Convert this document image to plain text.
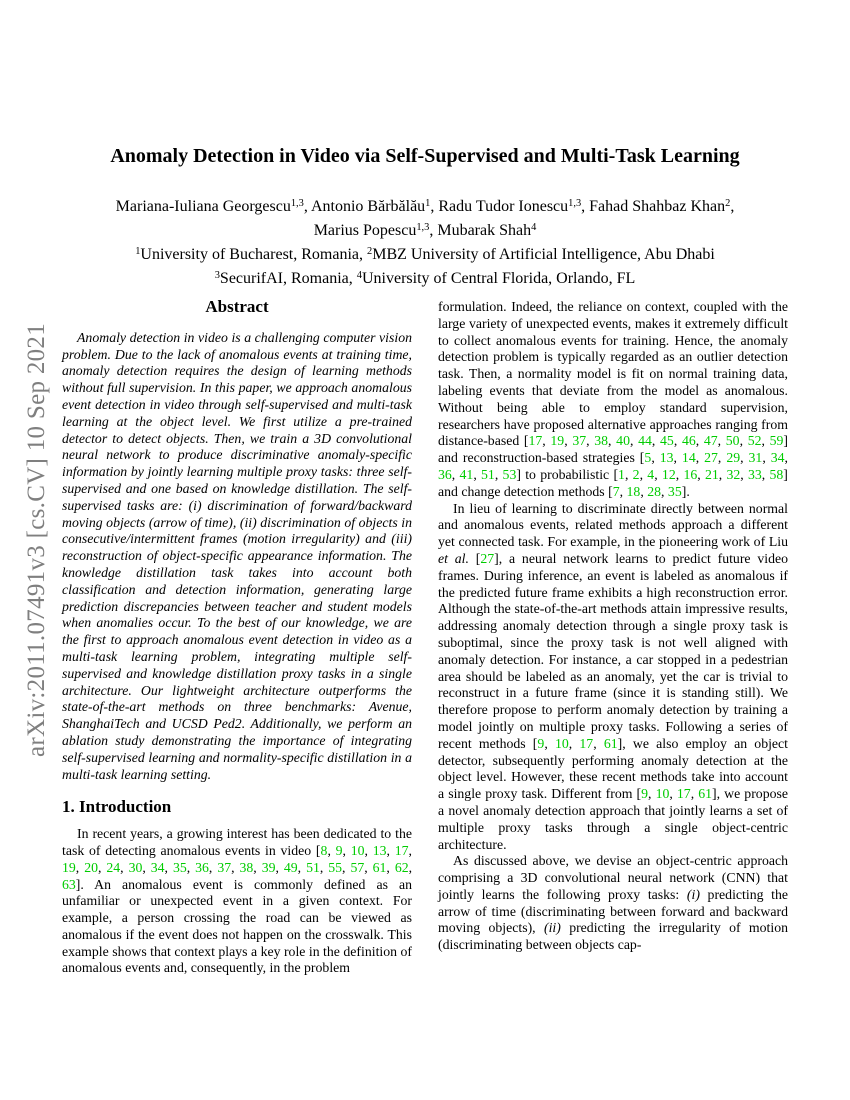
arXiv:2011.07491v3 [cs.CV] 10 Sep 2021
Anomaly Detection in Video via Self-Supervised and Multi-Task Learning
Mariana-Iuliana Georgescu$^{1,3}$, Antonio Bărbălău$^1$, Radu Tudor Ionescu$^{1,3}$, Fahad Shahbaz Khan$^2$,
Marius Popescu$^{1,3}$, Mubarak Shah$^4$
$^1$University of Bucharest, Romania, $^2$MBZ University of Artificial Intelligence, Abu Dhabi
$^3$SecurifAI, Romania, $^4$University of Central Florida, Orlando, FL
Abstract

Anomaly detection in video is a challenging computer vision problem. Due to the lack of anomalous events at training time, anomaly detection requires the design of learning methods without full supervision. In this paper, we approach anomalous event detection in video through self-supervised and multi-task learning at the object level. We first utilize a pre-trained detector to detect objects. Then, we train a 3D convolutional neural network to produce discriminative anomaly-specific information by jointly learning multiple proxy tasks: three self-supervised and one based on knowledge distillation. The self-supervised tasks are: (i) discrimination of forward/backward moving objects (arrow of time), (ii) discrimination of objects in consecutive/intermittent frames (motion irregularity) and (iii) reconstruction of object-specific appearance information. The knowledge distillation task takes into account both classification and detection information, generating large prediction discrepancies between teacher and student models when anomalies occur. To the best of our knowledge, we are the first to approach anomalous event detection in video as a multi-task learning problem, integrating multiple self-supervised and knowledge distillation proxy tasks in a single architecture. Our lightweight architecture outperforms the state-of-the-art methods on three benchmarks: Avenue, ShanghaiTech and UCSD Ped2. Additionally, we perform an ablation study demonstrating the importance of integrating self-supervised learning and normality-specific distillation in a multi-task learning setting.

1. Introduction

In recent years, a growing interest has been dedicated to the task of detecting anomalous events in video [8, 9, 10, 13, 17, 19, 20, 24, 30, 34, 35, 36, 37, 38, 39, 49, 51, 55, 57, 61, 62, 63]. An anomalous event is commonly defined as an unfamiliar or unexpected event in a given context. For example, a person crossing the road can be viewed as anomalous if the event does not happen on the crosswalk. This example shows that context plays a key role in the definition of anomalous events and, consequently, in the problem

formulation. Indeed, the reliance on context, coupled with the large variety of unexpected events, makes it extremely difficult to collect anomalous events for training. Hence, the anomaly detection problem is typically regarded as an outlier detection task. Then, a normality model is fit on normal training data, labeling events that deviate from the model as anomalous. Without being able to employ standard supervision, researchers have proposed alternative approaches ranging from distance-based [17, 19, 37, 38, 40, 44, 45, 46, 47, 50, 52, 59] and reconstruction-based strategies [5, 13, 14, 27, 29, 31, 34, 36, 41, 51, 53] to probabilistic [1, 2, 4, 12, 16, 21, 32, 33, 58] and change detection methods [7, 18, 28, 35].

In lieu of learning to discriminate directly between normal and anomalous events, related methods approach a different yet connected task. For example, in the pioneering work of Liu et al. [27], a neural network learns to predict future video frames. During inference, an event is labeled as anomalous if the predicted future frame exhibits a high reconstruction error. Although the state-of-the-art methods attain impressive results, addressing anomaly detection through a single proxy task is suboptimal, since the proxy task is not well aligned with anomaly detection. For instance, a car stopped in a pedestrian area should be labeled as an anomaly, yet the car is trivial to reconstruct in a future frame (since it is standing still). We therefore propose to perform anomaly detection by training a model jointly on multiple proxy tasks. Following a series of recent methods [9, 10, 17, 61], we also employ an object detector, subsequently performing anomaly detection at the object level. However, these recent methods take into account a single proxy task. Different from [9, 10, 17, 61], we propose a novel anomaly detection approach that jointly learns a set of multiple proxy tasks through a single object-centric architecture.

As discussed above, we devise an object-centric approach comprising a 3D convolutional neural network (CNN) that jointly learns the following proxy tasks: (i) predicting the arrow of time (discriminating between forward and backward moving objects), (ii) predicting the irregularity of motion (discriminating between objects cap-
